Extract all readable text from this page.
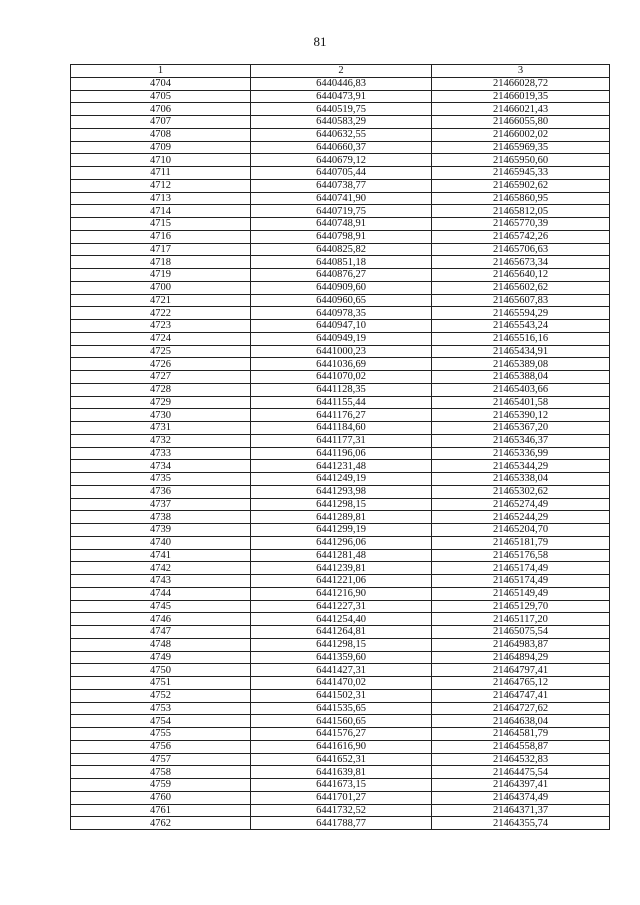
81
1	2	3
4704	6440446,83	21466028,72
4705	6440473,91	21466019,35
4706	6440519,75	21466021,43
4707	6440583,29	21466055,80
4708	6440632,55	21466002,02
4709	6440660,37	21465969,35
4710	6440679,12	21465950,60
4711	6440705,44	21465945,33
4712	6440738,77	21465902,62
4713	6440741,90	21465860,95
4714	6440719,75	21465812,05
4715	6440748,91	21465770,39
4716	6440798,91	21465742,26
4717	6440825,82	21465706,63
4718	6440851,18	21465673,34
4719	6440876,27	21465640,12
4700	6440909,60	21465602,62
4721	6440960,65	21465607,83
4722	6440978,35	21465594,29
4723	6440947,10	21465543,24
4724	6440949,19	21465516,16
4725	6441000,23	21465434,91
4726	6441036,69	21465389,08
4727	6441070,02	21465388,04
4728	6441128,35	21465403,66
4729	6441155,44	21465401,58
4730	6441176,27	21465390,12
4731	6441184,60	21465367,20
4732	6441177,31	21465346,37
4733	6441196,06	21465336,99
4734	6441231,48	21465344,29
4735	6441249,19	21465338,04
4736	6441293,98	21465302,62
4737	6441298,15	21465274,49
4738	6441289,81	21465244,29
4739	6441299,19	21465204,70
4740	6441296,06	21465181,79
4741	6441281,48	21465176,58
4742	6441239,81	21465174,49
4743	6441221,06	21465174,49
4744	6441216,90	21465149,49
4745	6441227,31	21465129,70
4746	6441254,40	21465117,20
4747	6441264,81	21465075,54
4748	6441298,15	21464983,87
4749	6441359,60	21464894,29
4750	6441427,31	21464797,41
4751	6441470,02	21464765,12
4752	6441502,31	21464747,41
4753	6441535,65	21464727,62
4754	6441560,65	21464638,04
4755	6441576,27	21464581,79
4756	6441616,90	21464558,87
4757	6441652,31	21464532,83
4758	6441639,81	21464475,54
4759	6441673,15	21464397,41
4760	6441701,27	21464374,49
4761	6441732,52	21464371,37
4762	6441788,77	21464355,74
